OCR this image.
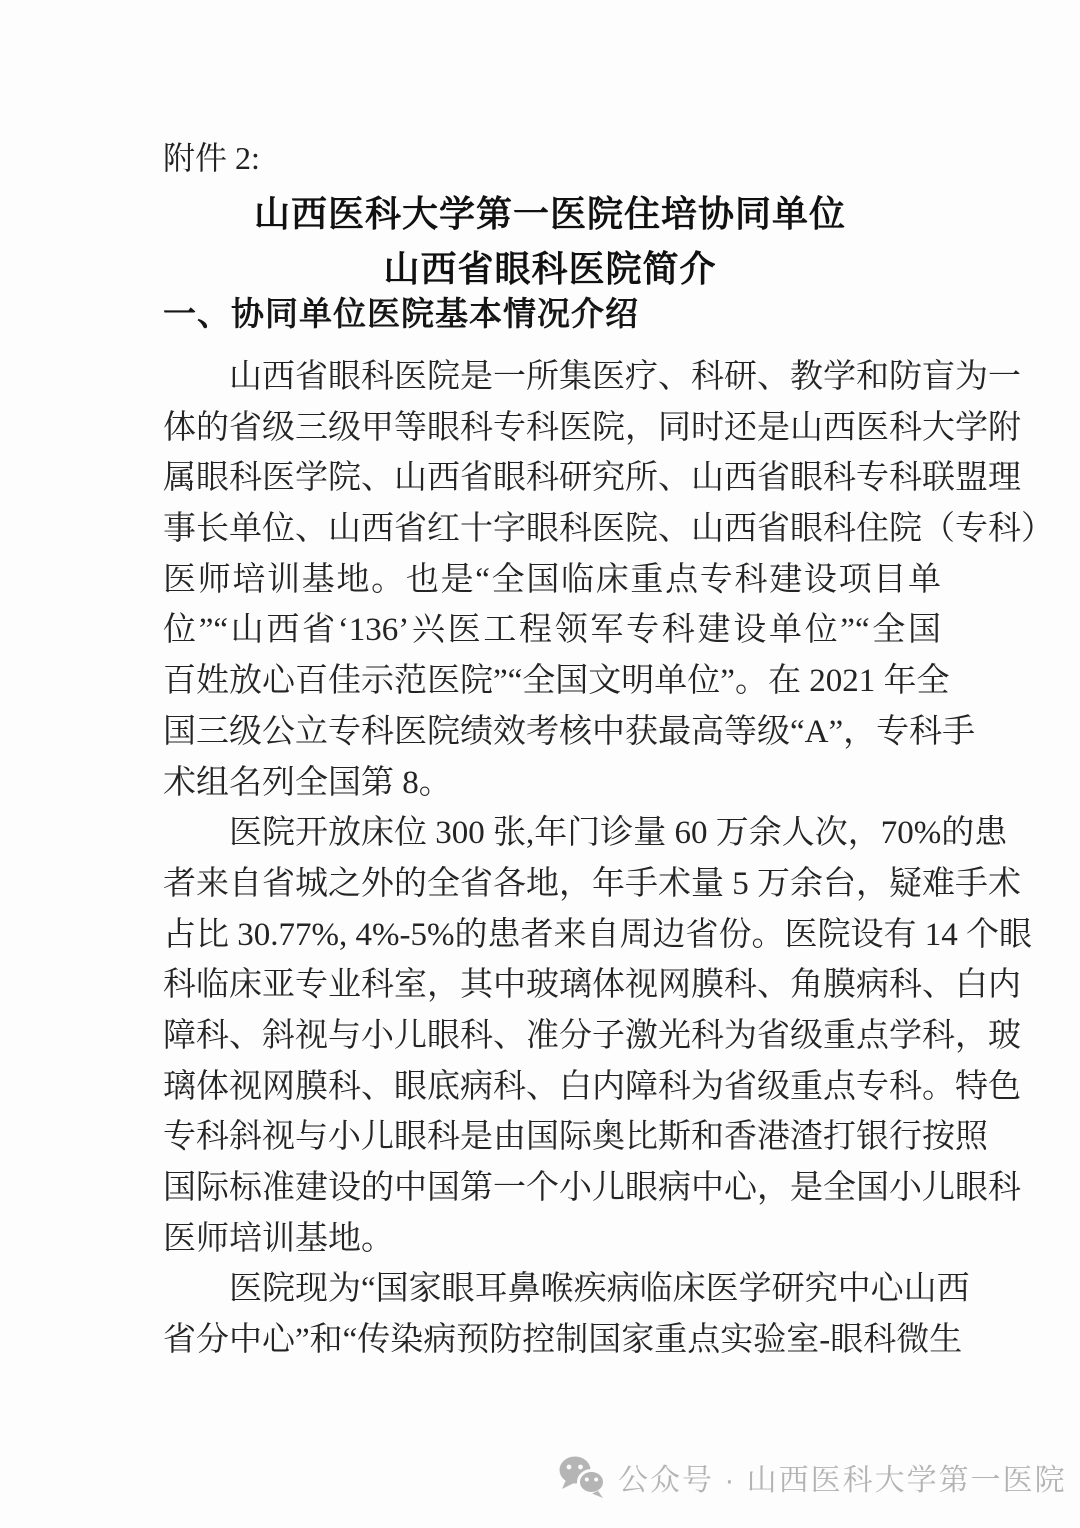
附件 2:
山西医科大学第一医院住培协同单位
山西省眼科医院简介
一、协同单位医院基本情况介绍
山西省眼科医院是一所集医疗、科研、教学和防盲为一
体的省级三级甲等眼科专科医院，同时还是山西医科大学附
属眼科医学院、山西省眼科研究所、山西省眼科专科联盟理
事长单位、山西省红十字眼科医院、山西省眼科住院（专科）
医师培训基地。也是“全国临床重点专科建设项目单
位”“山西省‘136’兴医工程领军专科建设单位”“全国
百姓放心百佳示范医院”“全国文明单位”。在 2021 年全
国三级公立专科医院绩效考核中获最高等级“A”，专科手
术组名列全国第 8。
医院开放床位 300 张,年门诊量 60 万余人次，70%的患
者来自省城之外的全省各地，年手术量 5 万余台，疑难手术
占比 30.77%, 4%-5%的患者来自周边省份。医院设有 14 个眼
科临床亚专业科室，其中玻璃体视网膜科、角膜病科、白内
障科、斜视与小儿眼科、准分子激光科为省级重点学科，玻
璃体视网膜科、眼底病科、白内障科为省级重点专科。特色
专科斜视与小儿眼科是由国际奥比斯和香港渣打银行按照
国际标准建设的中国第一个小儿眼病中心，是全国小儿眼科
医师培训基地。
医院现为“国家眼耳鼻喉疾病临床医学研究中心山西
省分中心”和“传染病预防控制国家重点实验室-眼科微生
公众号 · 山西医科大学第一医院
